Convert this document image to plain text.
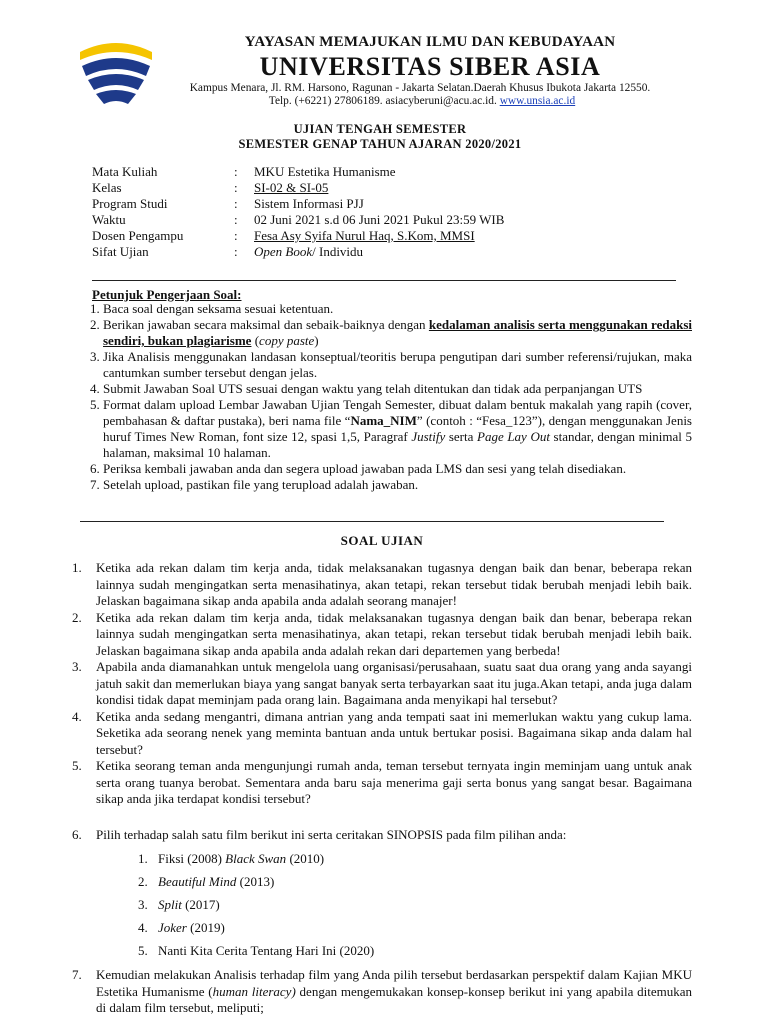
YAYASAN MEMAJUKAN ILMU DAN KEBUDAYAAN
UNIVERSITAS SIBER ASIA
Kampus Menara, Jl. RM. Harsono, Ragunan - Jakarta Selatan.Daerah Khusus Ibukota Jakarta 12550.
Telp. (+6221) 27806189. asiacyberuni@acu.ac.id. www.unsia.ac.id
UJIAN TENGAH SEMESTER
SEMESTER GENAP TAHUN AJARAN 2020/2021
Mata Kuliah	:	MKU Estetika Humanisme
Kelas	:	SI-02 & SI-05
Program Studi	:	Sistem Informasi PJJ
Waktu	:	02 Juni 2021 s.d 06 Juni 2021 Pukul 23:59 WIB
Dosen Pengampu	:	Fesa Asy Syifa Nurul Haq, S.Kom, MMSI
Sifat Ujian	:	Open Book/ Individu
Petunjuk Pengerjaan Soal:
1. Baca soal dengan seksama sesuai ketentuan.
2. Berikan jawaban secara maksimal dan sebaik-baiknya dengan kedalaman analisis serta menggunakan redaksi sendiri, bukan plagiarisme (copy paste)
3. Jika Analisis menggunakan landasan konseptual/teoritis berupa pengutipan dari sumber referensi/rujukan, maka cantumkan sumber tersebut dengan jelas.
4. Submit Jawaban Soal UTS sesuai dengan waktu yang telah ditentukan dan tidak ada perpanjangan UTS
5. Format dalam upload Lembar Jawaban Ujian Tengah Semester, dibuat dalam bentuk makalah yang rapih (cover, pembahasan & daftar pustaka), beri nama file “Nama_NIM” (contoh : “Fesa_123”), dengan menggunakan Jenis huruf Times New Roman, font size 12, spasi 1,5, Paragraf Justify serta Page Lay Out standar, dengan minimal 5 halaman, maksimal 10 halaman.
6. Periksa kembali jawaban anda dan segera upload jawaban pada LMS dan sesi yang telah disediakan.
7. Setelah upload, pastikan file yang terupload adalah jawaban.
SOAL UJIAN
1.	Ketika ada rekan dalam tim kerja anda, tidak melaksanakan tugasnya dengan baik dan benar, beberapa rekan lainnya sudah mengingatkan serta menasihatinya, akan tetapi, rekan tersebut tidak berubah menjadi lebih baik. Jelaskan bagaimana sikap anda apabila anda adalah seorang manajer!
2.	Ketika ada rekan dalam tim kerja anda, tidak melaksanakan tugasnya dengan baik dan benar, beberapa rekan lainnya sudah mengingatkan serta menasihatinya, akan tetapi, rekan tersebut tidak berubah menjadi lebih baik. Jelaskan bagaimana sikap anda apabila anda adalah rekan dari departemen yang berbeda!
3.	Apabila anda diamanahkan untuk mengelola uang organisasi/perusahaan, suatu saat dua orang yang anda sayangi jatuh sakit dan memerlukan biaya yang sangat banyak serta terbayarkan saat itu juga.Akan tetapi, anda juga dalam kondisi tidak dapat meminjam pada orang lain. Bagaimana anda menyikapi hal tersebut?
4.	Ketika anda sedang mengantri, dimana antrian yang anda tempati saat ini memerlukan waktu yang cukup lama. Seketika ada seorang nenek yang meminta bantuan anda untuk bertukar posisi. Bagaimana sikap anda dalam hal tersebut?
5.	Ketika seorang teman anda mengunjungi rumah anda, teman tersebut ternyata ingin meminjam uang untuk anak serta orang tuanya berobat. Sementara anda baru saja menerima gaji serta bonus yang sangat besar. Bagaimana sikap anda jika terdapat kondisi tersebut?
6.	Pilih terhadap salah satu film berikut ini serta ceritakan SINOPSIS pada film pilihan anda:
1. Fiksi (2008) Black Swan (2010)
2. Beautiful Mind (2013)
3. Split (2017)
4. Joker (2019)
5. Nanti Kita Cerita Tentang Hari Ini (2020)
7.	Kemudian melakukan Analisis terhadap film yang Anda pilih tersebut berdasarkan perspektif dalam Kajian MKU Estetika Humanisme (human literacy) dengan mengemukakan konsep-konsep berikut ini yang apabila ditemukan di dalam film tersebut, meliputi;
